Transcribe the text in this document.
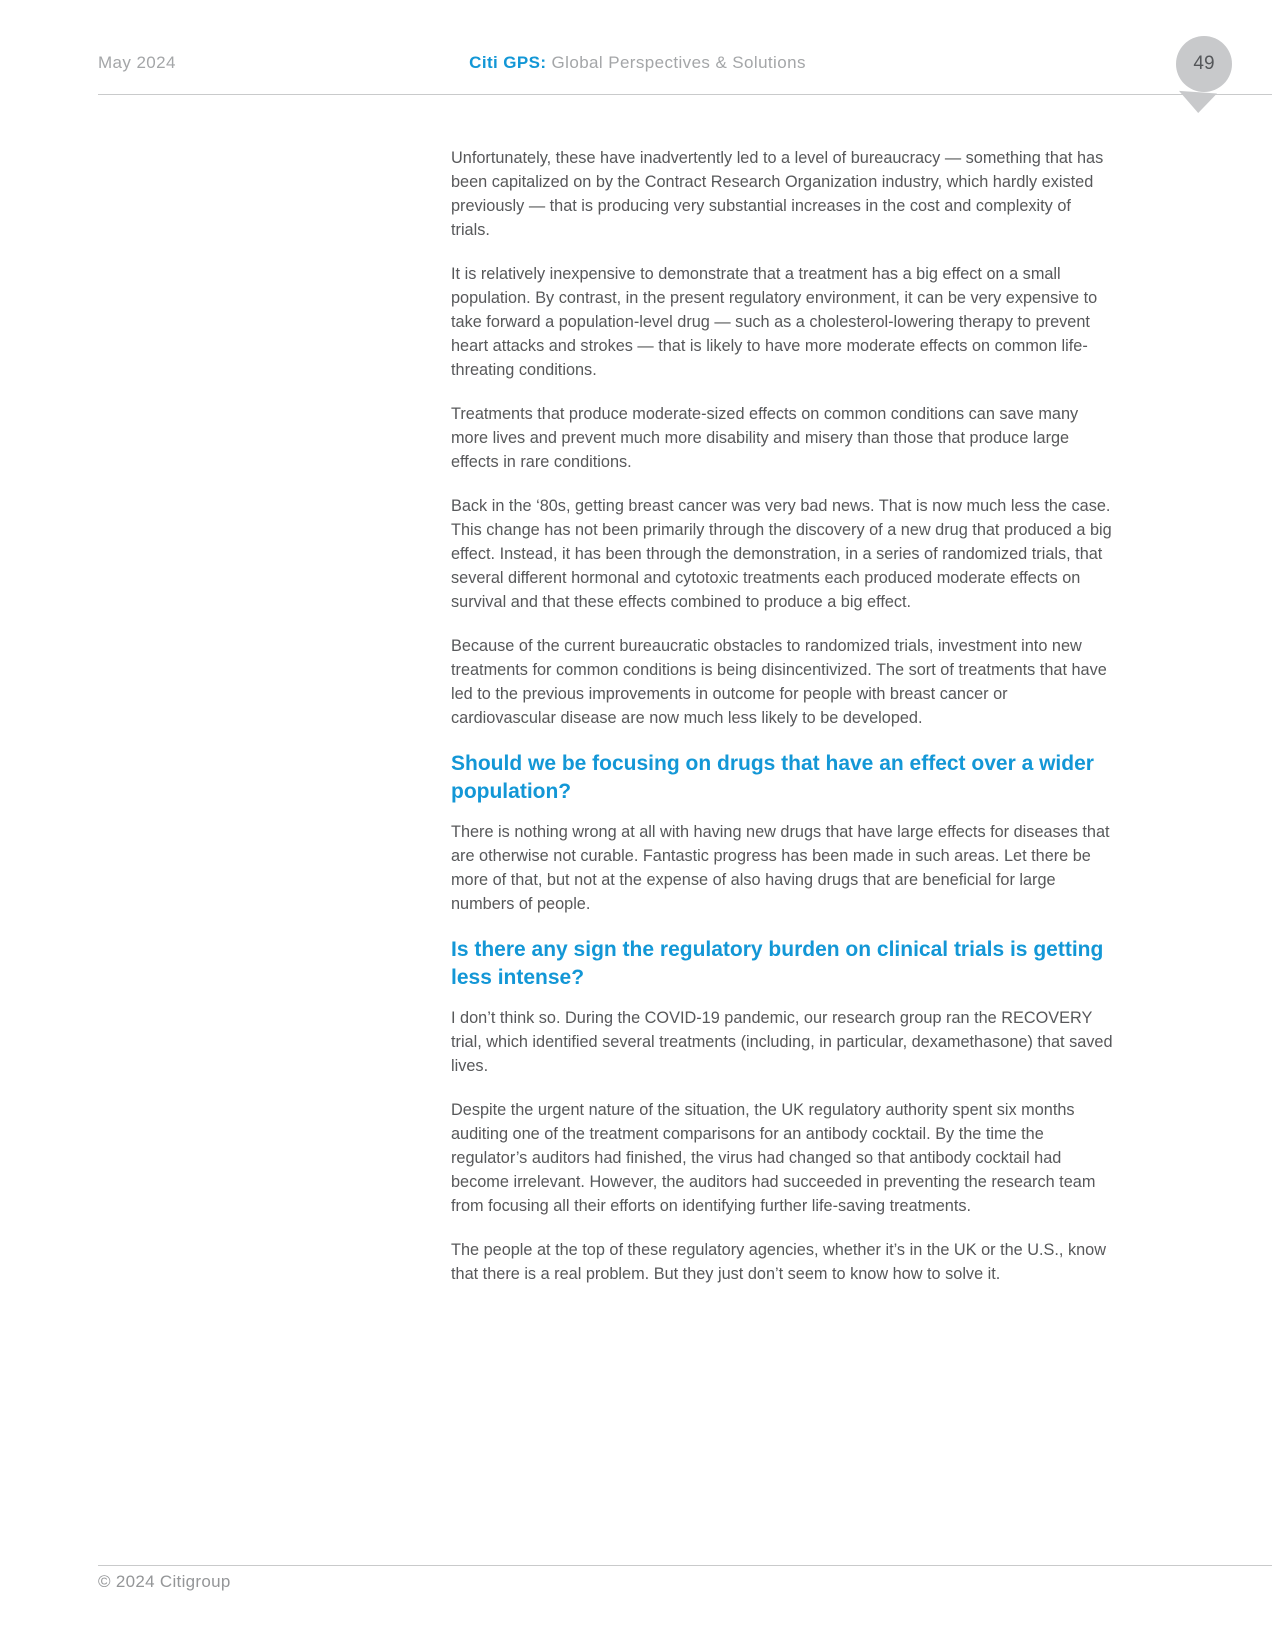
May 2024	Citi GPS: Global Perspectives & Solutions	49

Unfortunately, these have inadvertently led to a level of bureaucracy — something that has been capitalized on by the Contract Research Organization industry, which hardly existed previously — that is producing very substantial increases in the cost and complexity of trials.

It is relatively inexpensive to demonstrate that a treatment has a big effect on a small population. By contrast, in the present regulatory environment, it can be very expensive to take forward a population-level drug — such as a cholesterol-lowering therapy to prevent heart attacks and strokes — that is likely to have more moderate effects on common life-threating conditions.

Treatments that produce moderate-sized effects on common conditions can save many more lives and prevent much more disability and misery than those that produce large effects in rare conditions.

Back in the ‘80s, getting breast cancer was very bad news. That is now much less the case. This change has not been primarily through the discovery of a new drug that produced a big effect. Instead, it has been through the demonstration, in a series of randomized trials, that several different hormonal and cytotoxic treatments each produced moderate effects on survival and that these effects combined to produce a big effect.

Because of the current bureaucratic obstacles to randomized trials, investment into new treatments for common conditions is being disincentivized. The sort of treatments that have led to the previous improvements in outcome for people with breast cancer or cardiovascular disease are now much less likely to be developed.

Should we be focusing on drugs that have an effect over a wider population?

There is nothing wrong at all with having new drugs that have large effects for diseases that are otherwise not curable. Fantastic progress has been made in such areas. Let there be more of that, but not at the expense of also having drugs that are beneficial for large numbers of people.

Is there any sign the regulatory burden on clinical trials is getting less intense?

I don’t think so. During the COVID-19 pandemic, our research group ran the RECOVERY trial, which identified several treatments (including, in particular, dexamethasone) that saved lives.

Despite the urgent nature of the situation, the UK regulatory authority spent six months auditing one of the treatment comparisons for an antibody cocktail. By the time the regulator’s auditors had finished, the virus had changed so that antibody cocktail had become irrelevant. However, the auditors had succeeded in preventing the research team from focusing all their efforts on identifying further life-saving treatments.

The people at the top of these regulatory agencies, whether it’s in the UK or the U.S., know that there is a real problem. But they just don’t seem to know how to solve it.

© 2024 Citigroup
